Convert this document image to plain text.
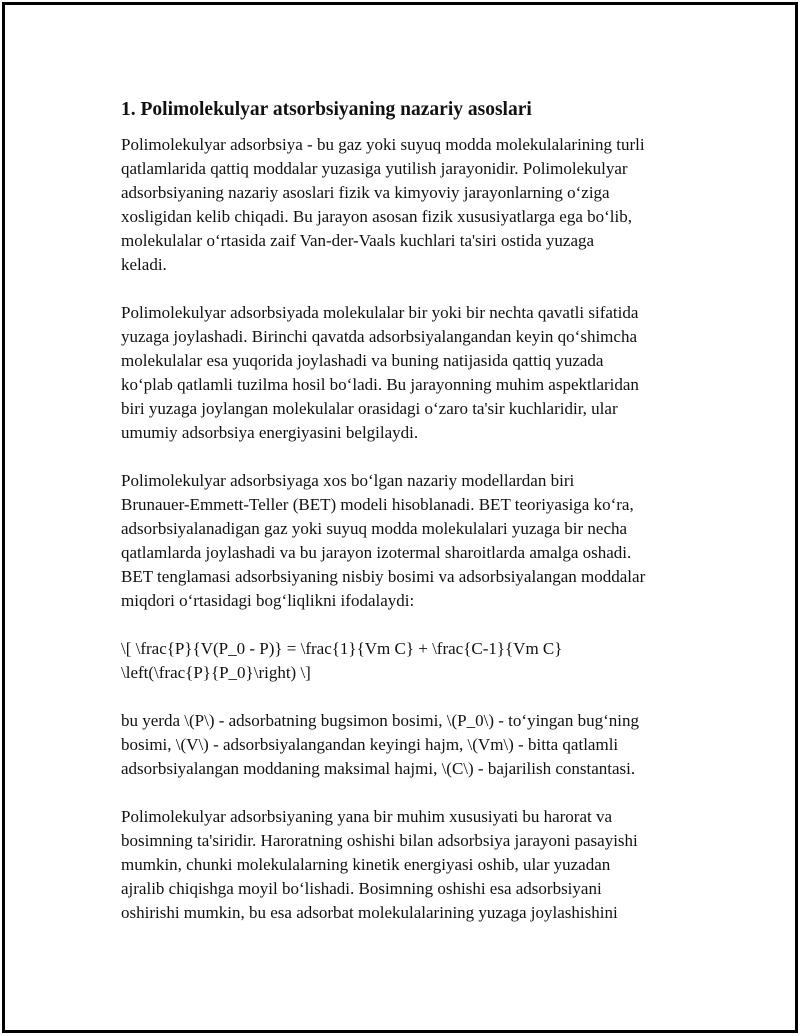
1. Polimolekulyar atsorbsiyaning nazariy asoslari
Polimolekulyar adsorbsiya - bu gaz yoki suyuq modda molekulalarining turli
qatlamlarida qattiq moddalar yuzasiga yutilish jarayonidir. Polimolekulyar
adsorbsiyaning nazariy asoslari fizik va kimyoviy jarayonlarning o‘ziga
xosligidan kelib chiqadi. Bu jarayon asosan fizik xususiyatlarga ega bo‘lib,
molekulalar o‘rtasida zaif Van-der-Vaals kuchlari ta'siri ostida yuzaga
keladi.
Polimolekulyar adsorbsiyada molekulalar bir yoki bir nechta qavatli sifatida
yuzaga joylashadi. Birinchi qavatda adsorbsiyalangandan keyin qo‘shimcha
molekulalar esa yuqorida joylashadi va buning natijasida qattiq yuzada
ko‘plab qatlamli tuzilma hosil bo‘ladi. Bu jarayonning muhim aspektlaridan
biri yuzaga joylangan molekulalar orasidagi o‘zaro ta'sir kuchlaridir, ular
umumiy adsorbsiya energiyasini belgilaydi.
Polimolekulyar adsorbsiyaga xos bo‘lgan nazariy modellardan biri
Brunauer-Emmett-Teller (BET) modeli hisoblanadi. BET teoriyasiga ko‘ra,
adsorbsiyalanadigan gaz yoki suyuq modda molekulalari yuzaga bir necha
qatlamlarda joylashadi va bu jarayon izotermal sharoitlarda amalga oshadi.
BET tenglamasi adsorbsiyaning nisbiy bosimi va adsorbsiyalangan moddalar
miqdori o‘rtasidagi bog‘liqlikni ifodalaydi:
\[ \frac{P}{V(P_0 - P)} = \frac{1}{Vm C} + \frac{C-1}{Vm C}
\left(\frac{P}{P_0}\right) \]
bu yerda \(P\) - adsorbatning bugsimon bosimi, \(P_0\) - to‘yingan bug‘ning
bosimi, \(V\) - adsorbsiyalangandan keyingi hajm, \(Vm\) - bitta qatlamli
adsorbsiyalangan moddaning maksimal hajmi, \(C\) - bajarilish constantasi.
Polimolekulyar adsorbsiyaning yana bir muhim xususiyati bu harorat va
bosimning ta'siridir. Haroratning oshishi bilan adsorbsiya jarayoni pasayishi
mumkin, chunki molekulalarning kinetik energiyasi oshib, ular yuzadan
ajralib chiqishga moyil bo‘lishadi. Bosimning oshishi esa adsorbsiyani
oshirishi mumkin, bu esa adsorbat molekulalarining yuzaga joylashishini
